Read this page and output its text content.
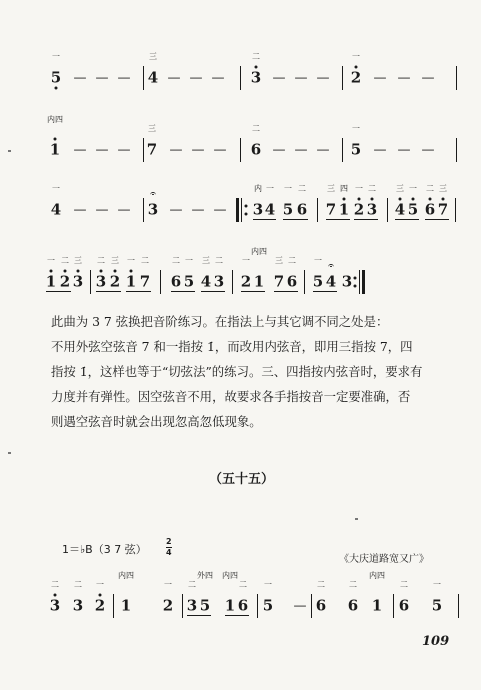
5
一
— — — 4
三
— — — 3
二
— — — 2
一
— — —
1
内四
— — — 7
三
— — — 6
二
— — — 5
一
— — —
4
一
— — — 3 — — — 3
内
4
一
5
一
6
二
7
三
1
四
2
一
3
二
4
三
5
一
6
二
7
三
1
一
2
二
3
三
3
二
2
三
1
一
7
二
6
二
5
一
4
三
3
二
2
一
1
内四
7
三
6
二
5
一
4 3

此曲为 3 7 弦换把音阶练习。在指法上与其它调不同之处是：
不用外弦空弦音 7 和一指按 1̇，而改用内弦音，即用三指按 7，四
指按 1̇，这样也等于“切弦法”的练习。三、四指按内弦音时，要求有
力度并有弹性。因空弦音不用，故要求各手指按音一定要准确，否
则遇空弦音时就会出现忽高忽低现象。

（五十五）
1＝♭B（3 7 弦）
2
4
《大庆道路宽又广》
3
二
3
二
2
一
1
内四
2
一
3
二
5
外四
1
内四
6
二
5
一
— 6
二
6
二
1
内四
6
二
5
一
109
